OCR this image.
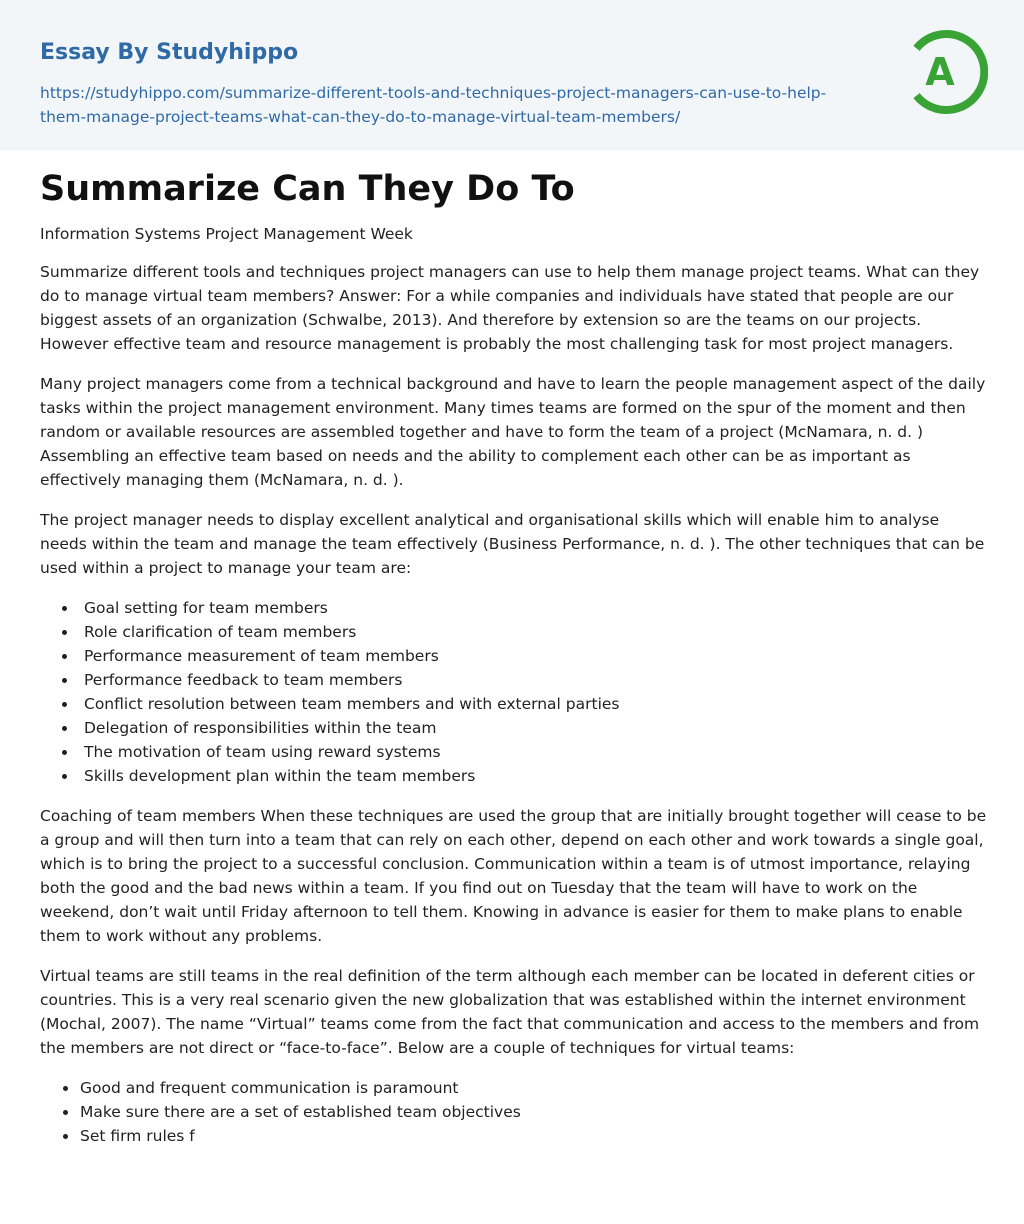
Essay By Studyhippo
https://studyhippo.com/summarize-different-tools-and-techniques-project-managers-can-use-to-help-them-manage-project-teams-what-can-they-do-to-manage-virtual-team-members/
A
Summarize Can They Do To
Information Systems Project Management Week

Summarize different tools and techniques project managers can use to help them manage project teams. What can they do to manage virtual team members? Answer: For a while companies and individuals have stated that people are our biggest assets of an organization (Schwalbe, 2013). And therefore by extension so are the teams on our projects. However effective team and resource management is probably the most challenging task for most project managers.

Many project managers come from a technical background and have to learn the people management aspect of the daily tasks within the project management environment. Many times teams are formed on the spur of the moment and then random or available resources are assembled together and have to form the team of a project (McNamara, n. d. ) Assembling an effective team based on needs and the ability to complement each other can be as important as effectively managing them (McNamara, n. d. ).

The project manager needs to display excellent analytical and organisational skills which will enable him to analyse needs within the team and manage the team effectively (Business Performance, n. d. ). The other techniques that can be used within a project to manage your team are:

Goal setting for team members
Role clarification of team members
Performance measurement of team members
Performance feedback to team members
Conflict resolution between team members and with external parties
Delegation of responsibilities within the team
The motivation of team using reward systems
Skills development plan within the team members

Coaching of team members When these techniques are used the group that are initially brought together will cease to be a group and will then turn into a team that can rely on each other, depend on each other and work towards a single goal, which is to bring the project to a successful conclusion. Communication within a team is of utmost importance, relaying both the good and the bad news within a team. If you find out on Tuesday that the team will have to work on the weekend, don’t wait until Friday afternoon to tell them. Knowing in advance is easier for them to make plans to enable them to work without any problems.

Virtual teams are still teams in the real definition of the term although each member can be located in deferent cities or countries. This is a very real scenario given the new globalization that was established within the internet environment (Mochal, 2007). The name “Virtual” teams come from the fact that communication and access to the members and from the members are not direct or “face-to-face”. Below are a couple of techniques for virtual teams:

Good and frequent communication is paramount
Make sure there are a set of established team objectives
Set firm rules f
